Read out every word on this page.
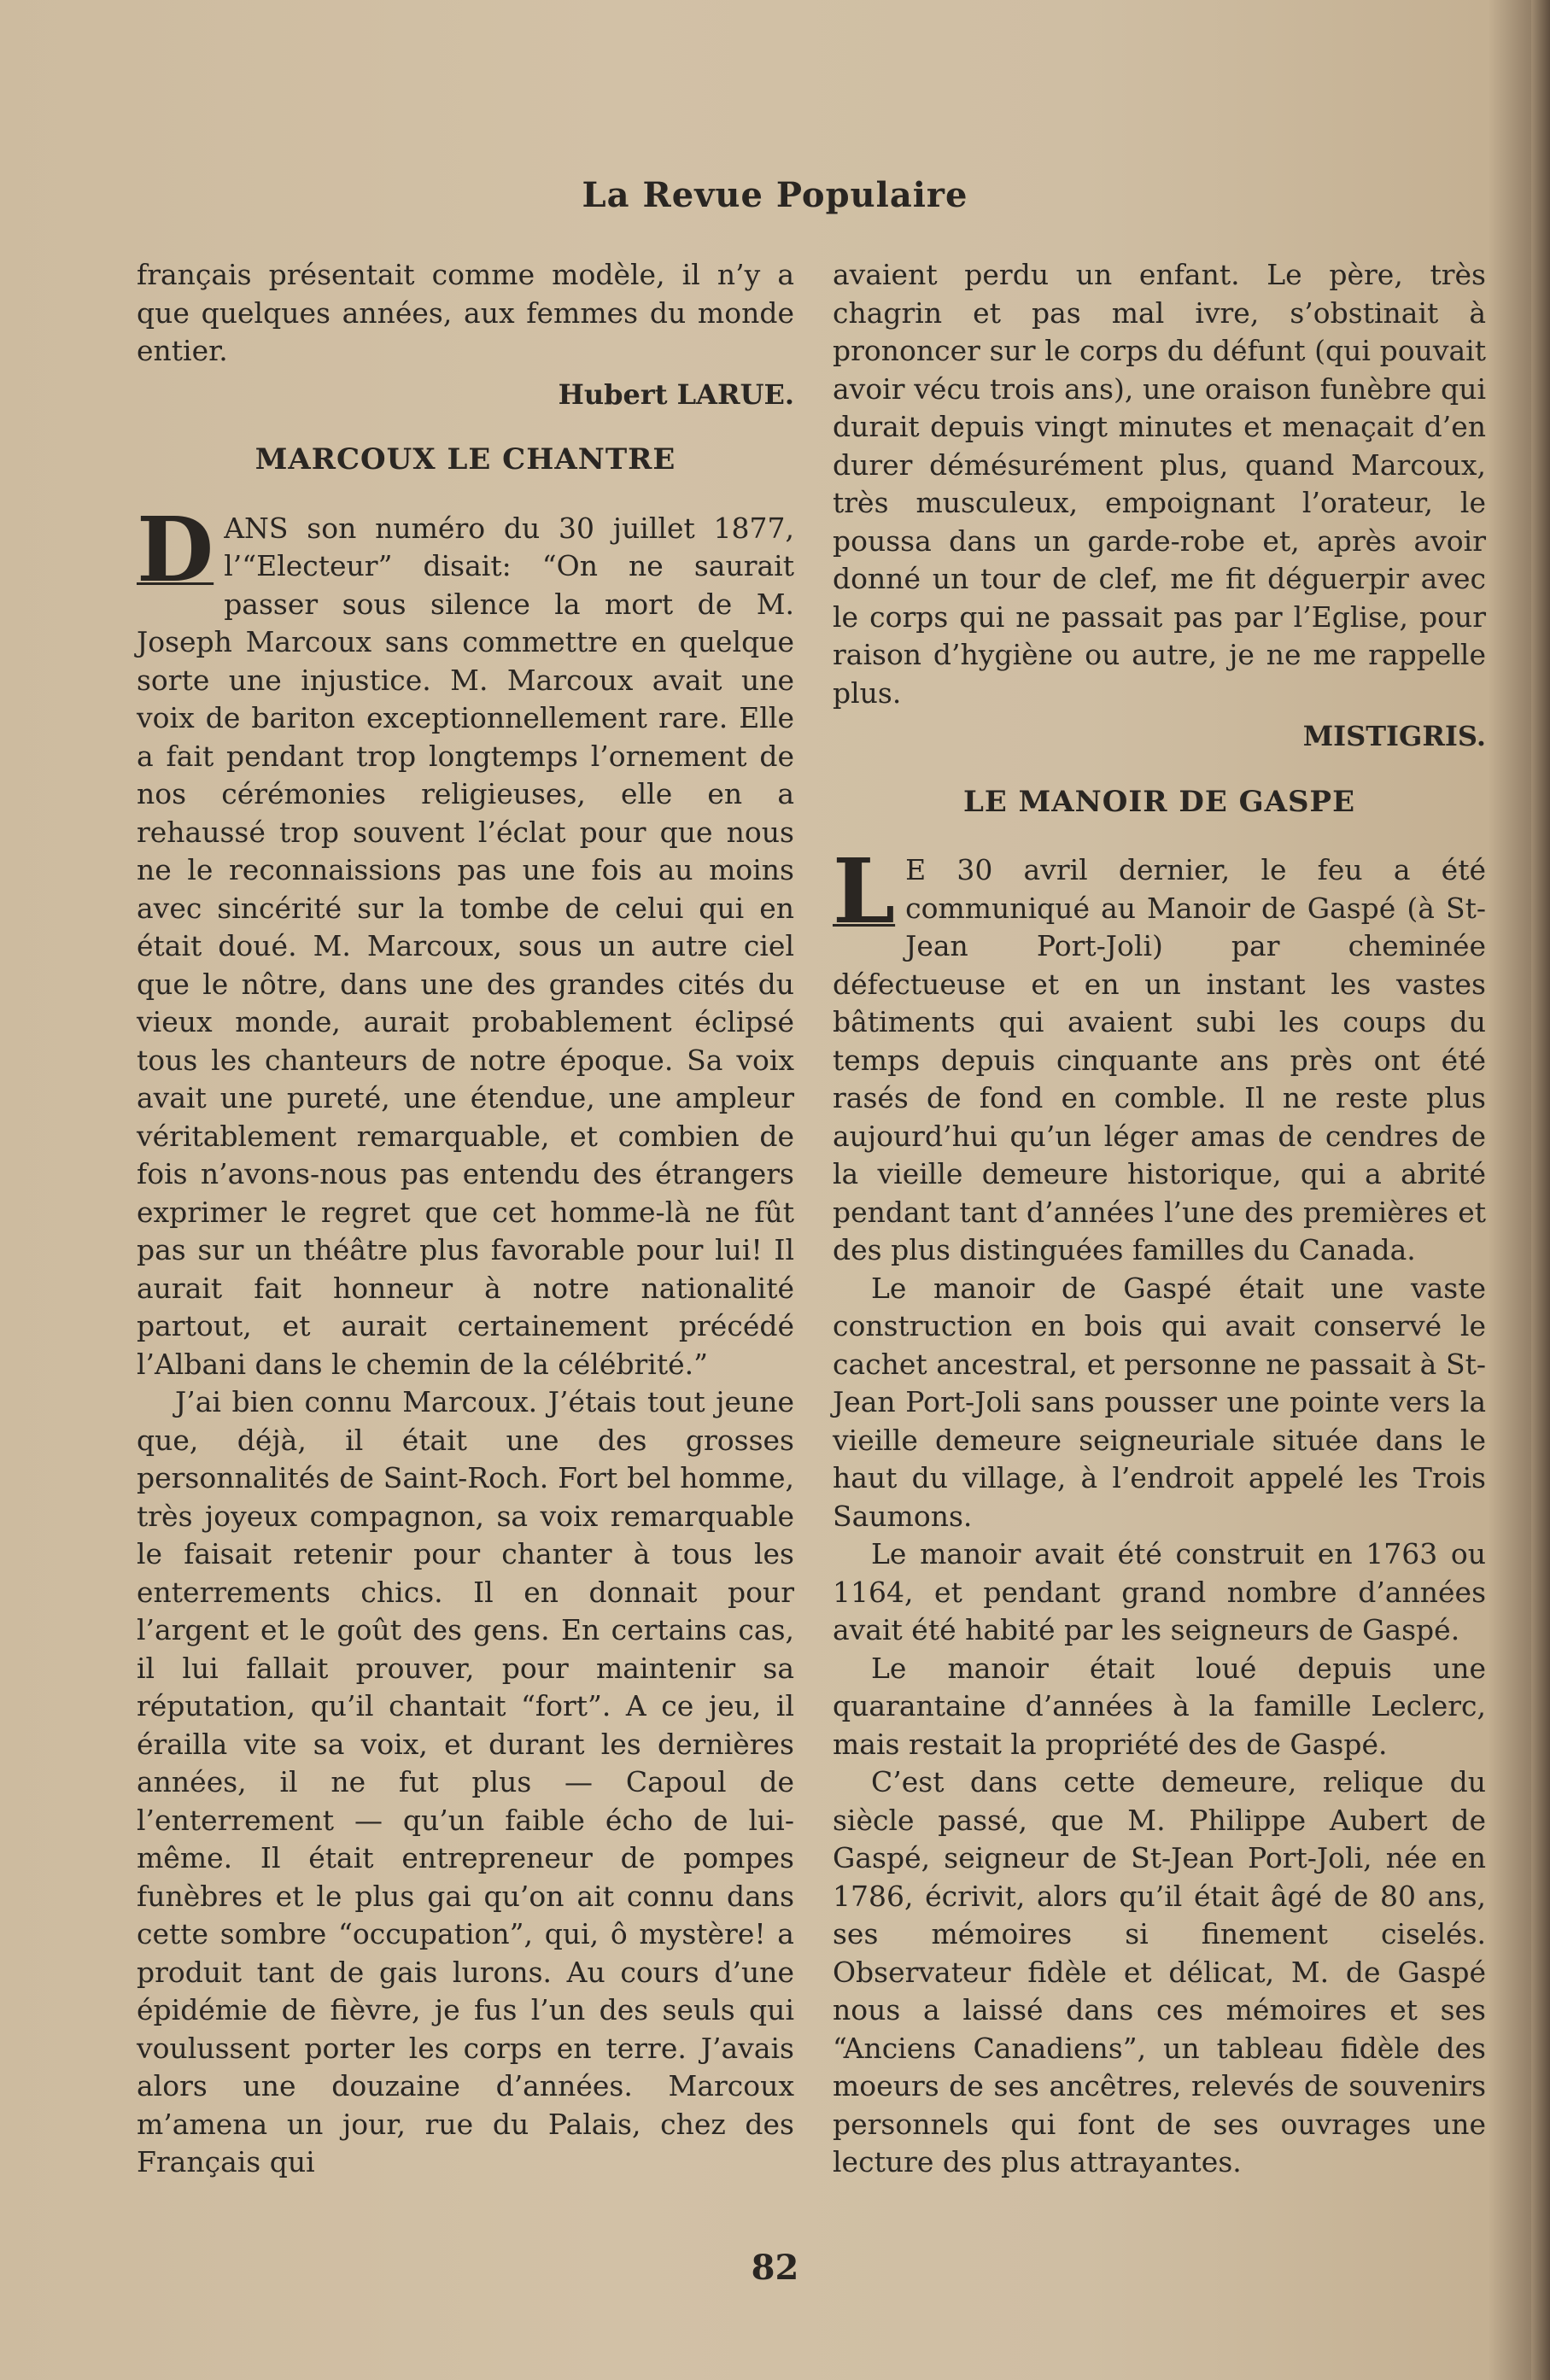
La Revue Populaire

français présentait comme modèle, il n’y a que quelques années, aux femmes du monde entier.

Hubert LARUE.

MARCOUX LE CHANTRE

DANS son numéro du 30 juillet 1877, l’“Electeur” disait: “On ne saurait passer sous silence la mort de M. Joseph Marcoux sans commettre en quelque sorte une injustice. M. Marcoux avait une voix de bariton exceptionnellement rare. Elle a fait pendant trop longtemps l’ornement de nos cérémonies religieuses, elle en a rehaussé trop souvent l’éclat pour que nous ne le reconnaissions pas une fois au moins avec sincérité sur la tombe de celui qui en était doué. M. Marcoux, sous un autre ciel que le nôtre, dans une des grandes cités du vieux monde, aurait probablement éclipsé tous les chanteurs de notre époque. Sa voix avait une pureté, une étendue, une ampleur véritablement remarquable, et combien de fois n’avons-nous pas entendu des étrangers exprimer le regret que cet homme-là ne fût pas sur un théâtre plus favorable pour lui! Il aurait fait honneur à notre nationalité partout, et aurait certainement précédé l’Albani dans le chemin de la célébrité.”

J’ai bien connu Marcoux. J’étais tout jeune que, déjà, il était une des grosses personnalités de Saint-Roch. Fort bel homme, très joyeux compagnon, sa voix remarquable le faisait retenir pour chanter à tous les enterrements chics. Il en donnait pour l’argent et le goût des gens. En certains cas, il lui fallait prouver, pour maintenir sa réputation, qu’il chantait “fort”. A ce jeu, il érailla vite sa voix, et durant les dernières années, il ne fut plus — Capoul de l’enterrement — qu’un faible écho de lui-même. Il était entrepreneur de pompes funèbres et le plus gai qu’on ait connu dans cette sombre “occupation”, qui, ô mystère! a produit tant de gais lurons. Au cours d’une épidémie de fièvre, je fus l’un des seuls qui voulussent porter les corps en terre. J’avais alors une douzaine d’années. Marcoux m’amena un jour, rue du Palais, chez des Français qui

avaient perdu un enfant. Le père, très chagrin et pas mal ivre, s’obstinait à prononcer sur le corps du défunt (qui pouvait avoir vécu trois ans), une oraison funèbre qui durait depuis vingt minutes et menaçait d’en durer démésurément plus, quand Marcoux, très musculeux, empoignant l’orateur, le poussa dans un garde-robe et, après avoir donné un tour de clef, me fit déguerpir avec le corps qui ne passait pas par l’Eglise, pour raison d’hygiène ou autre, je ne me rappelle plus.

MISTIGRIS.

LE MANOIR DE GASPE

L E 30 avril dernier, le feu a été communiqué au Manoir de Gaspé (à St-Jean Port-Joli) par cheminée défectueuse et en un instant les vastes bâtiments qui avaient subi les coups du temps depuis cinquante ans près ont été rasés de fond en comble. Il ne reste plus aujourd’hui qu’un léger amas de cendres de la vieille demeure historique, qui a abrité pendant tant d’années l’une des premières et des plus distinguées familles du Canada.

Le manoir de Gaspé était une vaste construction en bois qui avait conservé le cachet ancestral, et personne ne passait à St-Jean Port-Joli sans pousser une pointe vers la vieille demeure seigneuriale située dans le haut du village, à l’endroit appelé les Trois Saumons.

Le manoir avait été construit en 1763 ou 1164, et pendant grand nombre d’années avait été habité par les seigneurs de Gaspé.

Le manoir était loué depuis une quarantaine d’années à la famille Leclerc, mais restait la propriété des de Gaspé.

C’est dans cette demeure, relique du siècle passé, que M. Philippe Aubert de Gaspé, seigneur de St-Jean Port-Joli, née en 1786, écrivit, alors qu’il était âgé de 80 ans, ses mémoires si finement ciselés. Observateur fidèle et délicat, M. de Gaspé nous a laissé dans ces mémoires et ses “Anciens Canadiens”, un tableau fidèle des moeurs de ses ancêtres, relevés de souvenirs personnels qui font de ses ouvrages une lecture des plus attrayantes.

82
